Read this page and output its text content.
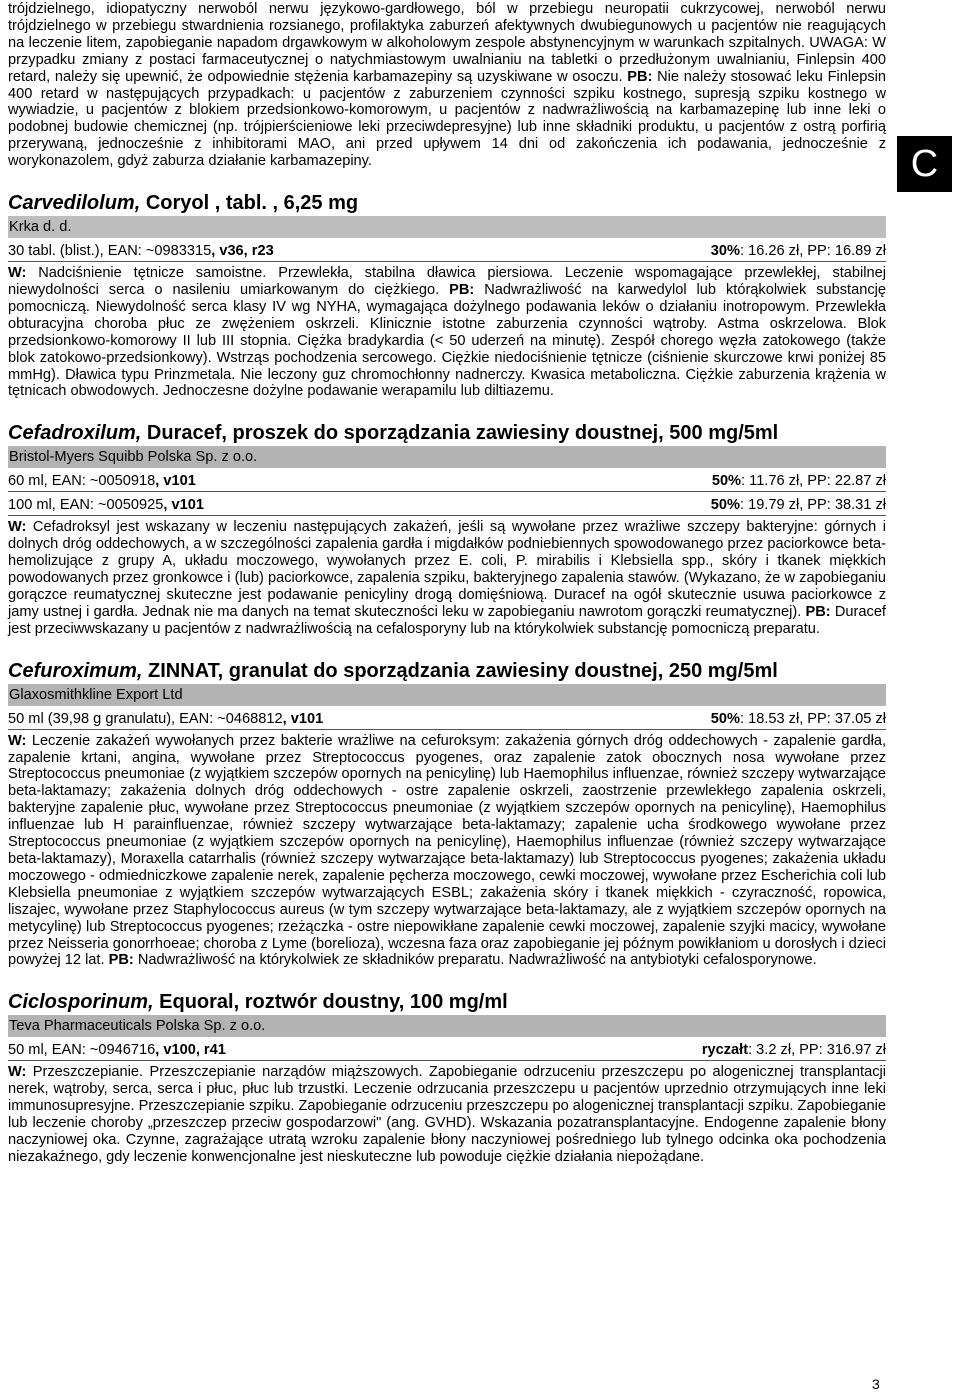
trójdzielnego, idiopatyczny nerwoból nerwu językowo-gardłowego, ból w przebiegu neuropatii cukrzycowej, nerwoból nerwu trójdzielnego w przebiegu stwardnienia rozsianego, profilaktyka zaburzeń afektywnych dwubiegunowych u pacjentów nie reagujących na leczenie litem, zapobieganie napadom drgawkowym w alkoholowym zespole abstynencyjnym w warunkach szpitalnych. UWAGA: W przypadku zmiany z postaci farmaceutycznej o natychmiastowym uwalnianiu na tabletki o przedłużonym uwalnianiu, Finlepsin 400 retard, należy się upewnić, że odpowiednie stężenia karbamazepiny są uzyskiwane w osoczu. PB: Nie należy stosować leku Finlepsin 400 retard w następujących przypadkach: u pacjentów z zaburzeniem czynności szpiku kostnego, supresją szpiku kostnego w wywiadzie, u pacjentów z blokiem przedsionkowo-komorowym, u pacjentów z nadwrażliwością na karbamazepinę lub inne leki o podobnej budowie chemicznej (np. trójpierścieniowe leki przeciwdepresyjne) lub inne składniki produktu, u pacjentów z ostrą porfirią przerywaną, jednocześnie z inhibitorami MAO, ani przed upływem 14 dni od zakończenia ich podawania, jednocześnie z worykonazolem, gdyż zaburza działanie karbamazepiny.

Carvedilolum, Coryol , tabl. , 6,25 mg
Krka d. d.
30 tabl. (blist.), EAN: ~0983315, v36, r23	30%: 16.26 zł, PP: 16.89 zł

W: Nadciśnienie tętnicze samoistne. Przewlekła, stabilna dławica piersiowa. Leczenie wspomagające przewlekłej, stabilnej niewydolności serca o nasileniu umiarkowanym do ciężkiego. PB: Nadwrażliwość na karwedylol lub którąkolwiek substancję pomocniczą. Niewydolność serca klasy IV wg NYHA, wymagająca dożylnego podawania leków o działaniu inotropowym. Przewlekła obturacyjna choroba płuc ze zwężeniem oskrzeli. Klinicznie istotne zaburzenia czynności wątroby. Astma oskrzelowa. Blok przedsionkowo-komorowy II lub III stopnia. Ciężka bradykardia (< 50 uderzeń na minutę). Zespół chorego węzła zatokowego (także blok zatokowo-przedsionkowy). Wstrząs pochodzenia sercowego. Ciężkie niedociśnienie tętnicze (ciśnienie skurczowe krwi poniżej 85 mmHg). Dławica typu Prinzmetala. Nie leczony guz chromochłonny nadnerczy. Kwasica metaboliczna. Ciężkie zaburzenia krążenia w tętnicach obwodowych. Jednoczesne dożylne podawanie werapamilu lub diltiazemu.

Cefadroxilum, Duracef, proszek do sporządzania zawiesiny doustnej, 500 mg/5ml
Bristol-Myers Squibb Polska Sp. z o.o.
60 ml, EAN: ~0050918, v101	50%: 11.76 zł, PP: 22.87 zł
100 ml, EAN: ~0050925, v101	50%: 19.79 zł, PP: 38.31 zł

W: Cefadroksyl jest wskazany w leczeniu następujących zakażeń, jeśli są wywołane przez wrażliwe szczepy bakteryjne: górnych i dolnych dróg oddechowych, a w szczególności zapalenia gardła i migdałków podniebiennych spowodowanego przez paciorkowce beta-hemolizujące z grupy A, układu moczowego, wywołanych przez E. coli, P. mirabilis i Klebsiella spp., skóry i tkanek miękkich powodowanych przez gronkowce i (lub) paciorkowce, zapalenia szpiku, bakteryjnego zapalenia stawów. (Wykazano, że w zapobieganiu gorączce reumatycznej skuteczne jest podawanie penicyliny drogą domięśniową. Duracef na ogół skutecznie usuwa paciorkowce z jamy ustnej i gardła. Jednak nie ma danych na temat skuteczności leku w zapobieganiu nawrotom gorączki reumatycznej). PB: Duracef jest przeciwwskazany u pacjentów z nadwrażliwością na cefalosporyny lub na którykolwiek substancję pomocniczą preparatu.

Cefuroximum, ZINNAT, granulat do sporządzania zawiesiny doustnej, 250 mg/5ml
Glaxosmithkline Export Ltd
50 ml (39,98 g granulatu), EAN: ~0468812, v101	50%: 18.53 zł, PP: 37.05 zł

W: Leczenie zakażeń wywołanych przez bakterie wrażliwe na cefuroksym: zakażenia górnych dróg oddechowych - zapalenie gardła, zapalenie krtani, angina, wywołane przez Streptococcus pyogenes, oraz zapalenie zatok obocznych nosa wywołane przez Streptococcus pneumoniae (z wyjątkiem szczepów opornych na penicylinę) lub Haemophilus influenzae, również szczepy wytwarzające beta-laktamazy; zakażenia dolnych dróg oddechowych - ostre zapalenie oskrzeli, zaostrzenie przewlekłego zapalenia oskrzeli, bakteryjne zapalenie płuc, wywołane przez Streptococcus pneumoniae (z wyjątkiem szczepów opornych na penicylinę), Haemophilus influenzae lub H parainfluenzae, również szczepy wytwarzające beta-laktamazy; zapalenie ucha środkowego wywołane przez Streptococcus pneumoniae (z wyjątkiem szczepów opornych na penicylinę), Haemophilus influenzae (również szczepy wytwarzające beta-laktamazy), Moraxella catarrhalis (również szczepy wytwarzające beta-laktamazy) lub Streptococcus pyogenes; zakażenia układu moczowego - odmiedniczkowe zapalenie nerek, zapalenie pęcherza moczowego, cewki moczowej, wywołane przez Escherichia coli lub Klebsiella pneumoniae z wyjątkiem szczepów wytwarzających ESBL; zakażenia skóry i tkanek miękkich - czyraczność, ropowica, liszajec, wywołane przez Staphylococcus aureus (w tym szczepy wytwarzające beta-laktamazy, ale z wyjątkiem szczepów opornych na metycylinę) lub Streptococcus pyogenes; rzeżączka - ostre niepowikłane zapalenie cewki moczowej, zapalenie szyjki macicy, wywołane przez Neisseria gonorrhoeae; choroba z Lyme (borelioza), wczesna faza oraz zapobieganie jej późnym powikłaniom u dorosłych i dzieci powyżej 12 lat. PB: Nadwrażliwość na którykolwiek ze składników preparatu. Nadwrażliwość na antybiotyki cefalosporynowe.

Ciclosporinum, Equoral, roztwór doustny, 100 mg/ml
Teva Pharmaceuticals Polska Sp. z o.o.
50 ml, EAN: ~0946716, v100, r41	ryczałt: 3.2 zł, PP: 316.97 zł

W: Przeszczepianie. Przeszczepianie narządów miąższowych. Zapobieganie odrzuceniu przeszczepu po alogenicznej transplantacji nerek, wątroby, serca, serca i płuc, płuc lub trzustki. Leczenie odrzucania przeszczepu u pacjentów uprzednio otrzymujących inne leki immunosupresyjne. Przeszczepianie szpiku. Zapobieganie odrzuceniu przeszczepu po alogenicznej transplantacji szpiku. Zapobieganie lub leczenie choroby „przeszczep przeciw gospodarzowi" (ang. GVHD). Wskazania pozatransplantacyjne. Endogenne zapalenie błony naczyniowej oka. Czynne, zagrażające utratą wzroku zapalenie błony naczyniowej pośredniego lub tylnego odcinka oka pochodzenia niezakaźnego, gdy leczenie konwencjonalne jest nieskuteczne lub powoduje ciężkie działania niepożądane.

C
3
